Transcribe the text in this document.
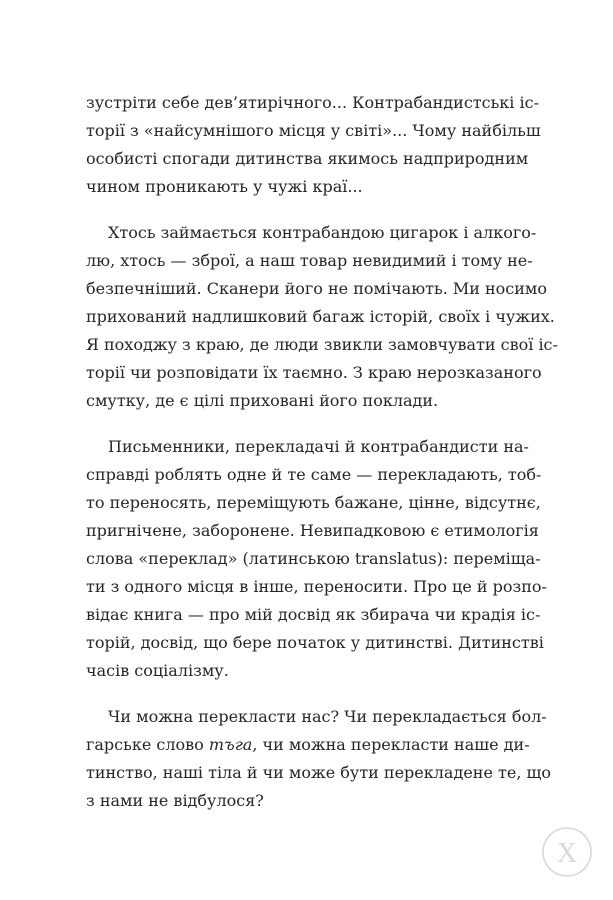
зустріти себе дев’ятирічного... Контрабандистські іс-
торії з «найсумнішого місця у світі»... Чому найбільш
особисті спогади дитинства якимось надприродним
чином проникають у чужі краї...
Хтось займається контрабандою цигарок і алкого-
лю, хтось — зброї, а наш товар невидимий і тому не-
безпечніший. Сканери його не помічають. Ми носимо
прихований надлишковий багаж історій, своїх і чужих.
Я походжу з краю, де люди звикли замовчувати свої іс-
торії чи розповідати їх таємно. З краю нерозказаного
смутку, де є цілі приховані його поклади.
Письменники, перекладачі й контрабандисти на-
справді роблять одне й те саме — перекладають, тоб-
то переносять, переміщують бажане, цінне, відсутнє,
пригнічене, заборонене. Невипадковою є етимологія
слова «переклад» (латинською translatus): переміща-
ти з одного місця в інше, переносити. Про це й розпо-
відає книга — про мій досвід як збирача чи крадія іс-
торій, досвід, що бере початок у дитинстві. Дитинстві
часів соціалізму.
Чи можна перекласти нас? Чи перекладається бол-
гарське слово тъга, чи можна перекласти наше ди-
тинство, наші тіла й чи може бути перекладене те, що
з нами не відбулося?
X
